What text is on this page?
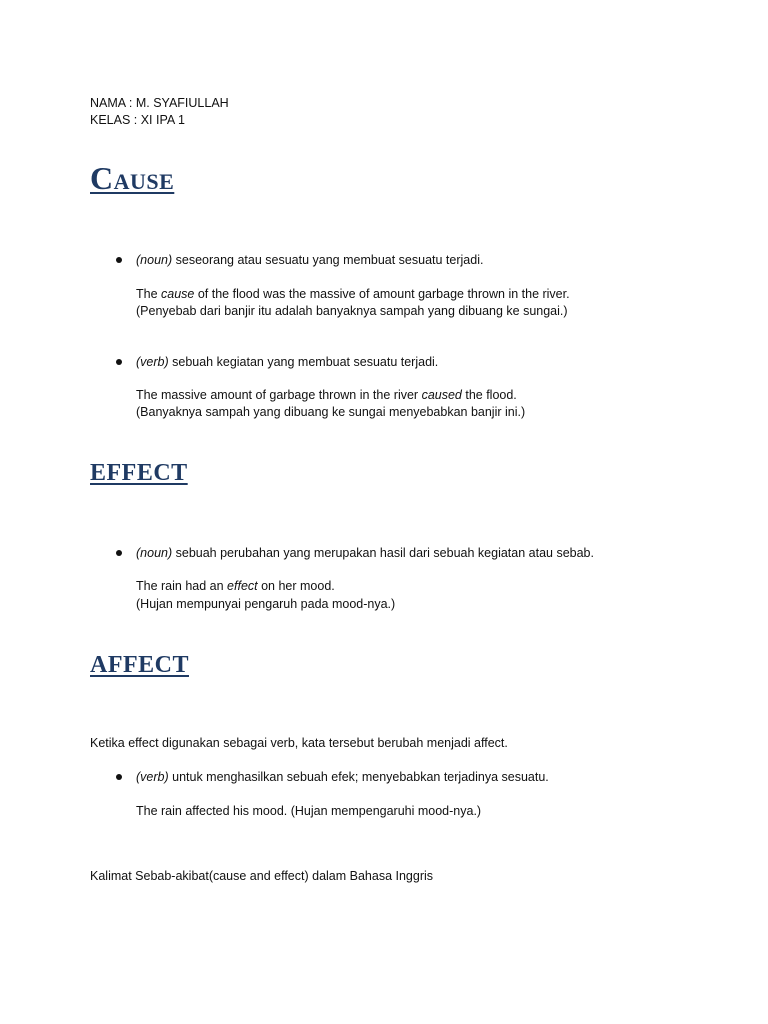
NAMA : M. SYAFIULLAH
KELAS : XI IPA 1
Cause
(noun) seseorang atau sesuatu yang membuat sesuatu terjadi.
The cause of the flood was the massive of amount garbage thrown in the river.
(Penyebab dari banjir itu adalah banyaknya sampah yang dibuang ke sungai.)
(verb) sebuah kegiatan yang membuat sesuatu terjadi.
The massive amount of garbage thrown in the river caused the flood.
(Banyaknya sampah yang dibuang ke sungai menyebabkan banjir ini.)
EFFECT
(noun) sebuah perubahan yang merupakan hasil dari sebuah kegiatan atau sebab.
The rain had an effect on her mood.
(Hujan mempunyai pengaruh pada mood-nya.)
AFFECT
Ketika effect digunakan sebagai verb, kata tersebut berubah menjadi affect.
(verb) untuk menghasilkan sebuah efek; menyebabkan terjadinya sesuatu.
The rain affected his mood. (Hujan mempengaruhi mood-nya.)
Kalimat Sebab-akibat(cause and effect) dalam Bahasa Inggris
